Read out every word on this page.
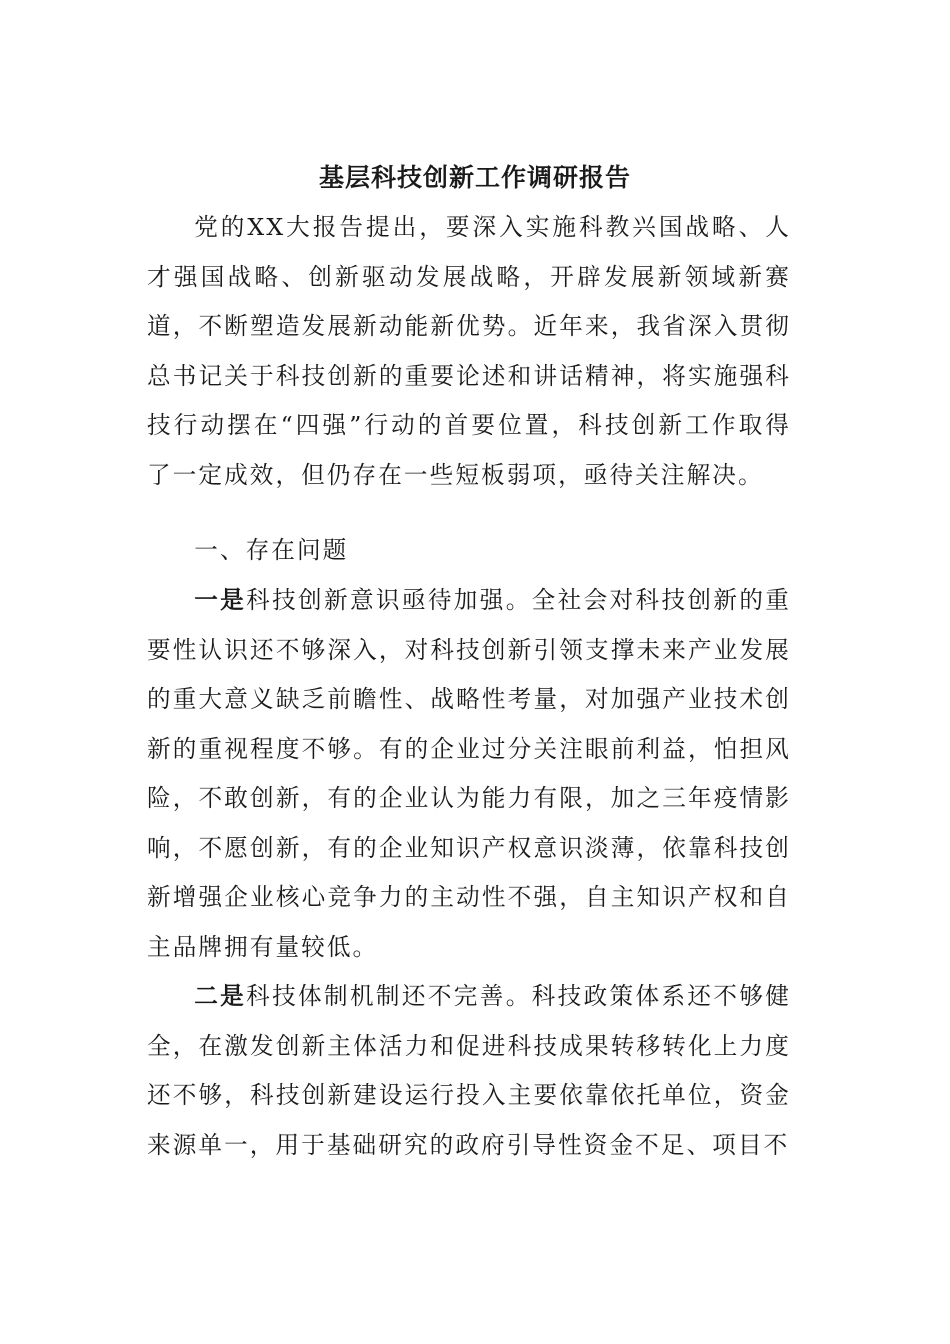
基层科技创新工作调研报告

党的XX大报告提出，要深入实施科教兴国战略、人才强国战略、创新驱动发展战略，开辟发展新领域新赛道，不断塑造发展新动能新优势。近年来，我省深入贯彻总书记关于科技创新的重要论述和讲话精神，将实施强科技行动摆在“四强”行动的首要位置，科技创新工作取得了一定成效，但仍存在一些短板弱项，亟待关注解决。

一、存在问题

一是科技创新意识亟待加强。全社会对科技创新的重要性认识还不够深入，对科技创新引领支撑未来产业发展的重大意义缺乏前瞻性、战略性考量，对加强产业技术创新的重视程度不够。有的企业过分关注眼前利益，怕担风险，不敢创新，有的企业认为能力有限，加之三年疫情影响，不愿创新，有的企业知识产权意识淡薄，依靠科技创新增强企业核心竞争力的主动性不强，自主知识产权和自主品牌拥有量较低。

二是科技体制机制还不完善。科技政策体系还不够健全，在激发创新主体活力和促进科技成果转移转化上力度还不够，科技创新建设运行投入主要依靠依托单位，资金来源单一，用于基础研究的政府引导性资金不足、项目不
